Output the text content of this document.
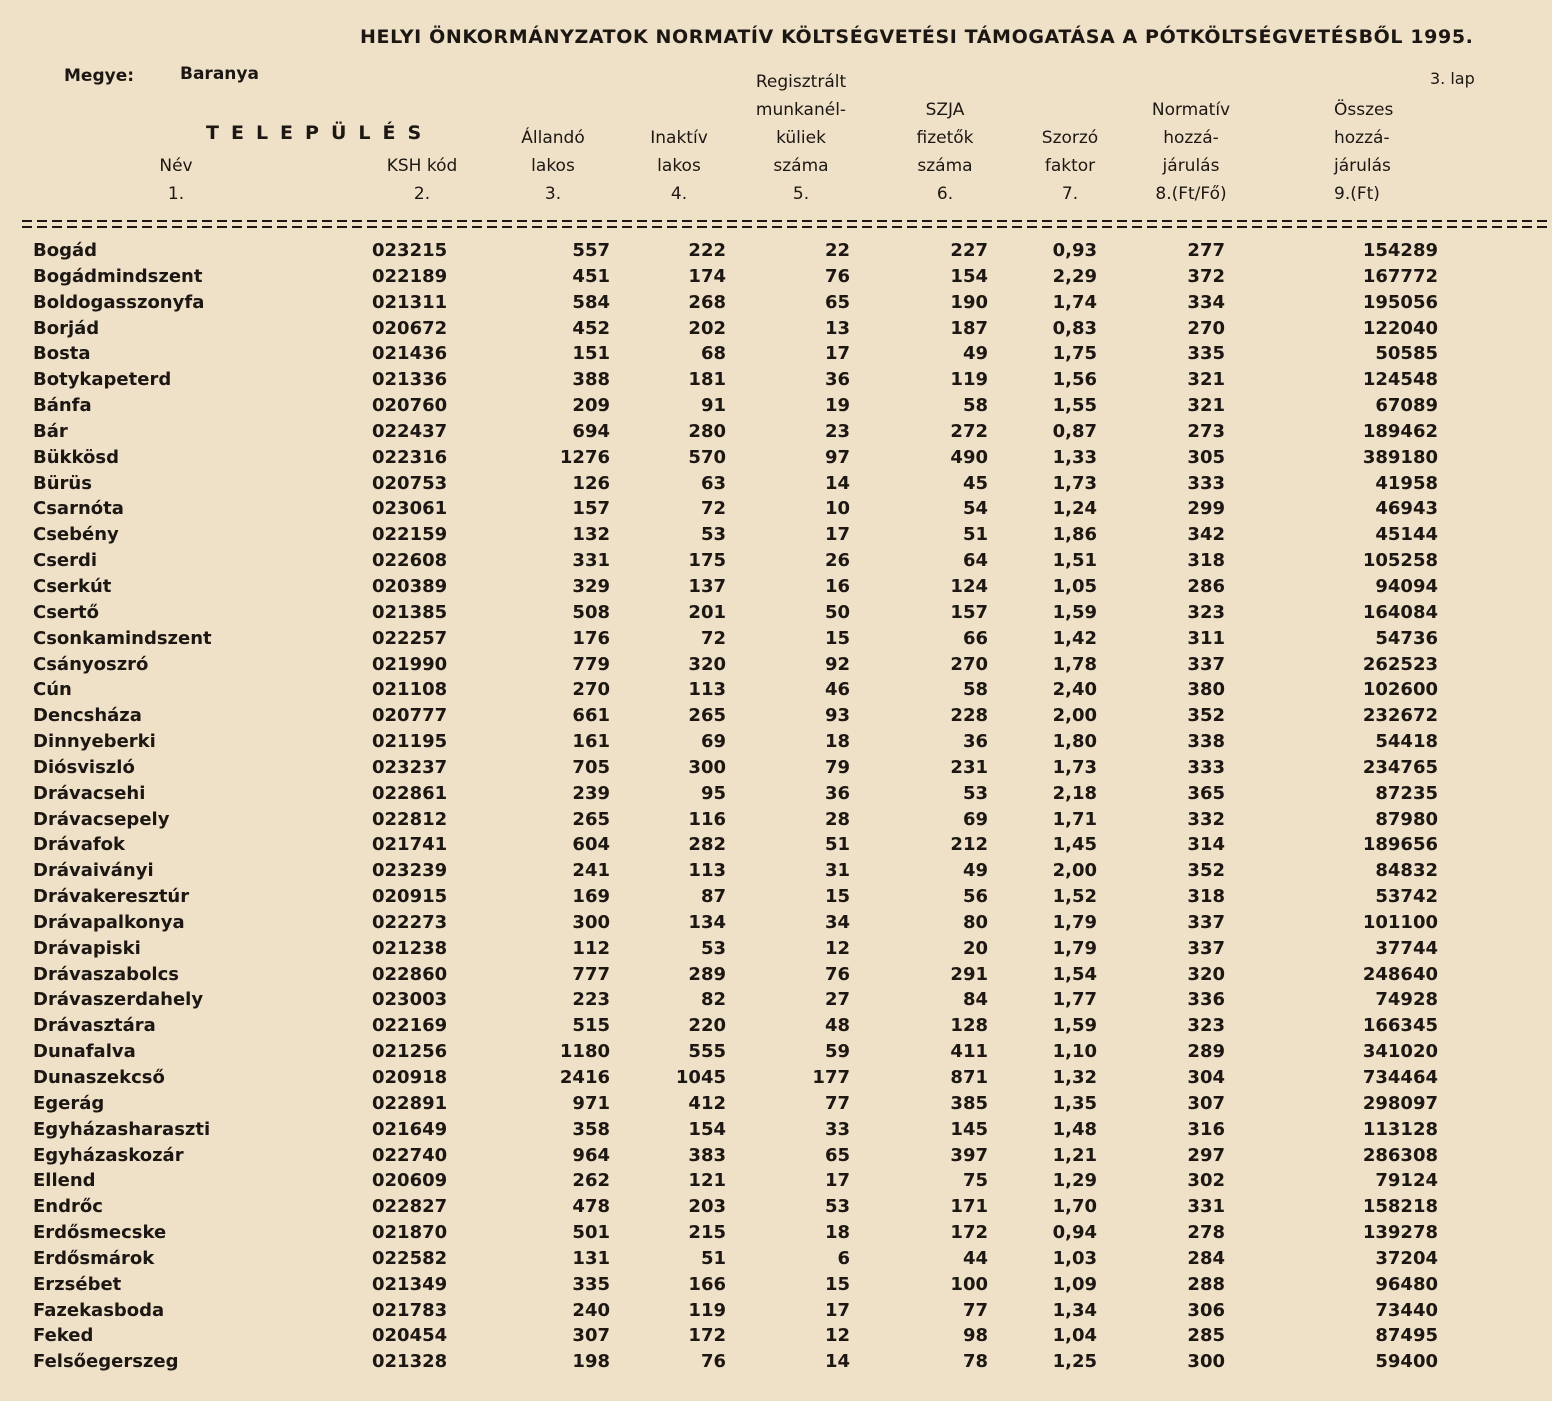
HELYI ÖNKORMÁNYZATOK NORMATÍV KÖLTSÉGVETÉSI TÁMOGATÁSA A PÓTKÖLTSÉGVETÉSBŐL 1995.
Megye:	Baranya	3. lap
TELEPÜLÉS
Név
1.
KSH kód
2.
Állandó
lakos
3.
Inaktív
lakos
4.
Regisztrált
munkanél-
küliek
száma
5.
SZJA
fizetők
száma
6.
Szorzó
faktor
7.
Normatív
hozzá-
járulás
8.(Ft/Fő)
Összes
hozzá-
járulás
9.(Ft)
Bogád	023215	557	222	22	227	0,93	277	154289
Bogádmindszent	022189	451	174	76	154	2,29	372	167772
Boldogasszonyfa	021311	584	268	65	190	1,74	334	195056
Borjád	020672	452	202	13	187	0,83	270	122040
Bosta	021436	151	68	17	49	1,75	335	50585
Botykapeterd	021336	388	181	36	119	1,56	321	124548
Bánfa	020760	209	91	19	58	1,55	321	67089
Bár	022437	694	280	23	272	0,87	273	189462
Bükkösd	022316	1276	570	97	490	1,33	305	389180
Bürüs	020753	126	63	14	45	1,73	333	41958
Csarnóta	023061	157	72	10	54	1,24	299	46943
Csebény	022159	132	53	17	51	1,86	342	45144
Cserdi	022608	331	175	26	64	1,51	318	105258
Cserkút	020389	329	137	16	124	1,05	286	94094
Csertő	021385	508	201	50	157	1,59	323	164084
Csonkamindszent	022257	176	72	15	66	1,42	311	54736
Csányoszró	021990	779	320	92	270	1,78	337	262523
Cún	021108	270	113	46	58	2,40	380	102600
Dencsháza	020777	661	265	93	228	2,00	352	232672
Dinnyeberki	021195	161	69	18	36	1,80	338	54418
Diósviszló	023237	705	300	79	231	1,73	333	234765
Drávacsehi	022861	239	95	36	53	2,18	365	87235
Drávacsepely	022812	265	116	28	69	1,71	332	87980
Drávafok	021741	604	282	51	212	1,45	314	189656
Drávaiványi	023239	241	113	31	49	2,00	352	84832
Drávakeresztúr	020915	169	87	15	56	1,52	318	53742
Drávapalkonya	022273	300	134	34	80	1,79	337	101100
Drávapiski	021238	112	53	12	20	1,79	337	37744
Drávaszabolcs	022860	777	289	76	291	1,54	320	248640
Drávaszerdahely	023003	223	82	27	84	1,77	336	74928
Drávasztára	022169	515	220	48	128	1,59	323	166345
Dunafalva	021256	1180	555	59	411	1,10	289	341020
Dunaszekcső	020918	2416	1045	177	871	1,32	304	734464
Egerág	022891	971	412	77	385	1,35	307	298097
Egyházasharaszti	021649	358	154	33	145	1,48	316	113128
Egyházaskozár	022740	964	383	65	397	1,21	297	286308
Ellend	020609	262	121	17	75	1,29	302	79124
Endrőc	022827	478	203	53	171	1,70	331	158218
Erdősmecske	021870	501	215	18	172	0,94	278	139278
Erdősmárok	022582	131	51	6	44	1,03	284	37204
Erzsébet	021349	335	166	15	100	1,09	288	96480
Fazekasboda	021783	240	119	17	77	1,34	306	73440
Feked	020454	307	172	12	98	1,04	285	87495
Felsőegerszeg	021328	198	76	14	78	1,25	300	59400
